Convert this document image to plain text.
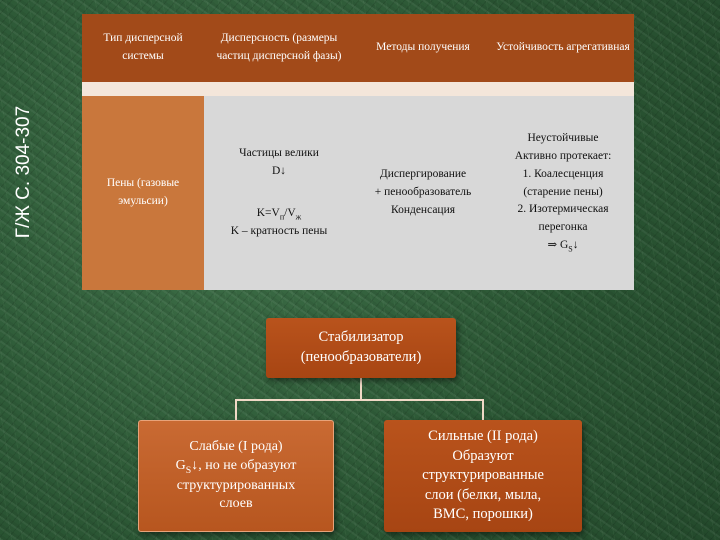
Г/Ж С. 304-307
Тип дисперсной системы
Дисперсность (размеры частиц дисперсной фазы)
Методы получения	Устойчивость агрегативная
Пены (газовые эмульсии)
Частицы велики
D↓
$K=V_п/V_ж$
K – кратность пены
Диспергирование
+ пенообразователь
Конденсация
Неустойчивые
Активно протекает:
1. Коалесценция
(старение пены)
2. Изотермическая
перегонка
⇒ $G_S↓$
Стабилизатор
(пенообразователи)
Слабые (I рода)
$G_S↓$, но не образуют
структурированных
слоев
Сильные (II рода)
Образуют
структурированные
слои (белки, мыла,
ВМС, порошки)
